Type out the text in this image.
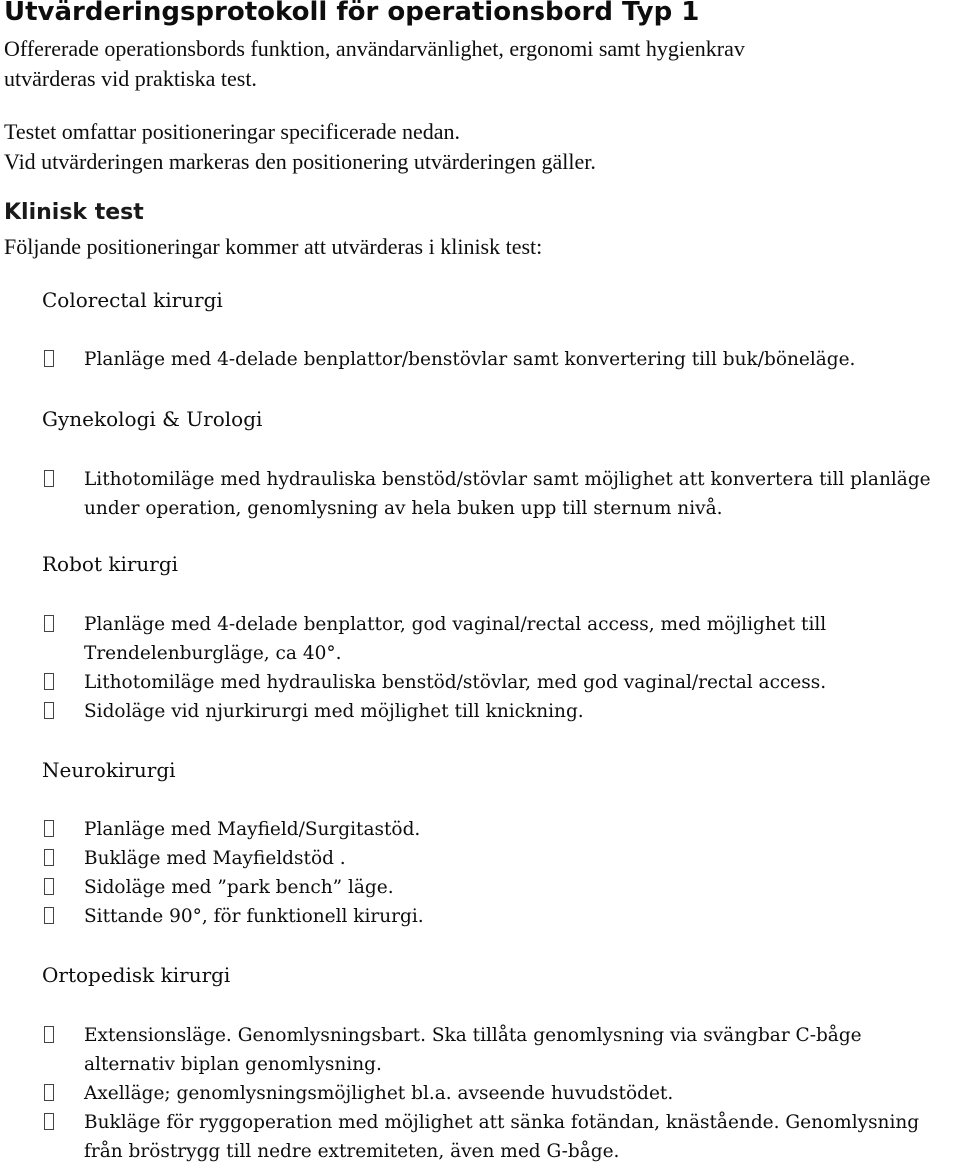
Utvärderingsprotokoll för operationsbord Typ 1
Offererade operationsbords funktion, användarvänlighet, ergonomi samt hygienkrav
utvärderas vid praktiska test.
Testet omfattar positioneringar specificerade nedan.
Vid utvärderingen markeras den positionering utvärderingen gäller.
Klinisk test
Följande positioneringar kommer att utvärderas i klinisk test:
Colorectal kirurgi
Planläge med 4-delade benplattor/benstövlar samt konvertering till buk/böneläge.
Gynekologi & Urologi
Lithotomiläge med hydrauliska benstöd/stövlar samt möjlighet att konvertera till planläge under operation, genomlysning av hela buken upp till sternum nivå.
Robot kirurgi
Planläge med 4-delade benplattor, god vaginal/rectal access, med möjlighet till Trendelenburgläge, ca 40°.
Lithotomiläge med hydrauliska benstöd/stövlar, med god vaginal/rectal access.
Sidoläge vid njurkirurgi med möjlighet till knickning.
Neurokirurgi
Planläge med Mayfield/Surgitastöd.
Bukläge med Mayfieldstöd .
Sidoläge med ”park bench” läge.
Sittande 90°, för funktionell kirurgi.
Ortopedisk kirurgi
Extensionsläge. Genomlysningsbart. Ska tillåta genomlysning via svängbar C-båge alternativ biplan genomlysning.
Axelläge; genomlysningsmöjlighet bl.a. avseende huvudstödet.
Bukläge för ryggoperation med möjlighet att sänka fotändan, knästående. Genomlysning från bröstrygg till nedre extremiteten, även med G-båge.
